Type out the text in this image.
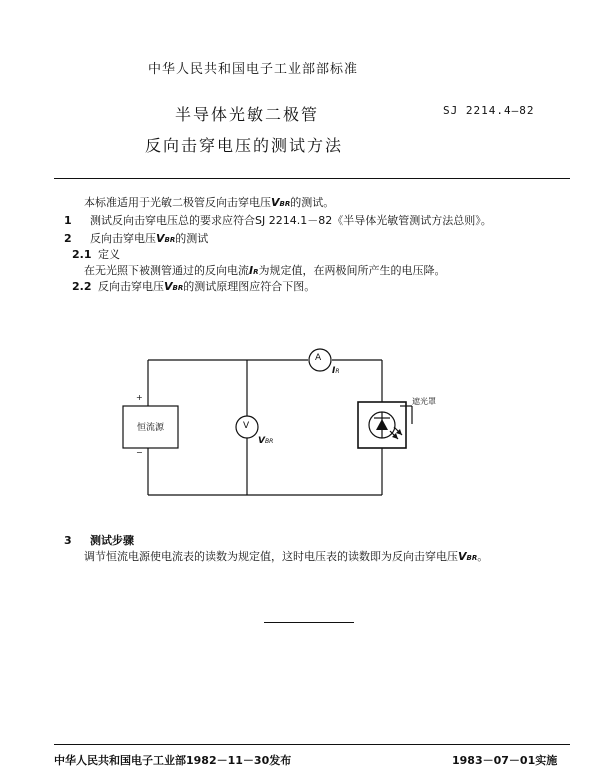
中华人民共和国电子工业部部标准
半导体光敏二极管
反向击穿电压的测试方法
SJ 2214.4—82
本标准适用于光敏二极管反向击穿电压VBR的测试。
1 测试反向击穿电压总的要求应符合SJ 2214.1－82《半导体光敏管测试方法总则》。
2 反向击穿电压VBR的测试
2.1 定义
在无光照下被测管通过的反向电流IR为规定值，在两极间所产生的电压降。
2.2 反向击穿电压VBR的测试原理图应符合下图。
A
IR
V
VBR
恒流源
+
−
遮光罩
3 测试步骤
调节恒流电源使电流表的读数为规定值，这时电压表的读数即为反向击穿电压VBR。
中华人民共和国电子工业部1982－11－30发布	1983－07－01实施
